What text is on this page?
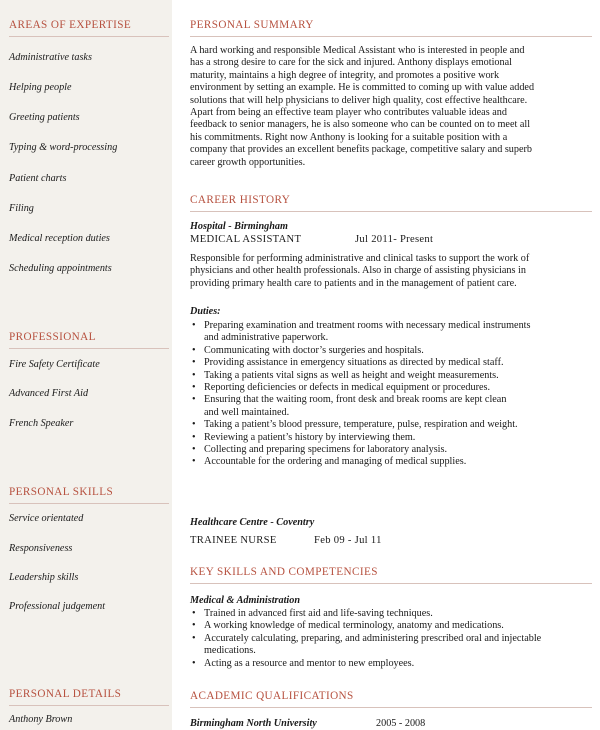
AREAS OF EXPERTISE
Administrative tasks
Helping people
Greeting patients
Typing & word-processing
Patient charts
Filing
Medical reception duties
Scheduling appointments
PROFESSIONAL
Fire Safety Certificate
Advanced First Aid
French Speaker
PERSONAL SKILLS
Service orientated
Responsiveness
Leadership skills
Professional judgement
PERSONAL DETAILS
Anthony Brown
PERSONAL SUMMARY
A hard working and responsible Medical Assistant who is interested in people and
has a strong desire to care for the sick and injured. Anthony displays emotional
maturity, maintains a high degree of integrity, and promotes a positive work
environment by setting an example. He is committed to coming up with value added
solutions that will help physicians to deliver high quality, cost effective healthcare.
Apart from being an effective team player who contributes valuable ideas and
feedback to senior managers, he is also someone who can be counted on to meet all
his commitments. Right now Anthony is looking for a suitable position with a
company that provides an excellent benefits package, competitive salary and superb
career growth opportunities.
CAREER HISTORY
Hospital - Birmingham
MEDICAL ASSISTANT	Jul 2011- Present
Responsible for performing administrative and clinical tasks to support the work of
physicians and other health professionals. Also in charge of assisting physicians in
providing primary health care to patients and in the management of patient care.
Duties:
• Preparing examination and treatment rooms with necessary medical instruments
and administrative paperwork.
• Communicating with doctor’s surgeries and hospitals.
• Providing assistance in emergency situations as directed by medical staff.
• Taking a patients vital signs as well as height and weight measurements.
• Reporting deficiencies or defects in medical equipment or procedures.
• Ensuring that the waiting room, front desk and break rooms are kept clean
and well maintained.
• Taking a patient’s blood pressure, temperature, pulse, respiration and weight.
• Reviewing a patient’s history by interviewing them.
• Collecting and preparing specimens for laboratory analysis.
• Accountable for the ordering and managing of medical supplies.
Healthcare Centre - Coventry
TRAINEE NURSE	Feb 09 - Jul 11
KEY SKILLS AND COMPETENCIES
Medical & Administration
• Trained in advanced first aid and life-saving techniques.
• A working knowledge of medical terminology, anatomy and medications.
• Accurately calculating, preparing, and administering prescribed oral and injectable
medications.
• Acting as a resource and mentor to new employees.
ACADEMIC QUALIFICATIONS
Birmingham North University	2005 - 2008
